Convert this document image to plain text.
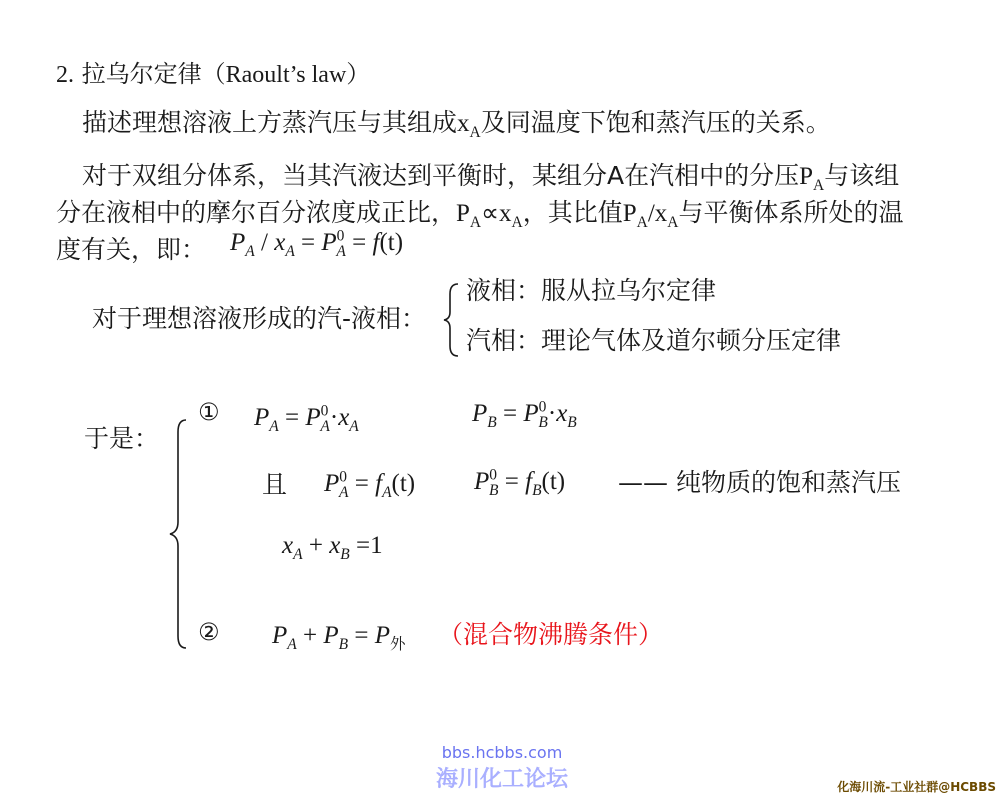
2. 拉乌尔定律（Raoult’s law）
描述理想溶液上方蒸汽压与其组成$x_A$及同温度下饱和蒸汽压的关系。
对于双组分体系，当其汽液达到平衡时，某组分A在汽相中的分压$P_A$与该组
分在液相中的摩尔百分浓度成正比，$P_A\propto x_A$，其比值$P_A/x_A$与平衡体系所处的温
度有关，即： $P_A / x_A = P^0_A = f(t)$
对于理想溶液形成的汽-液相：
液相：服从拉乌尔定律
汽相：理论气体及道尔顿分压定律
于是：
① $P_A = P^0_A\cdot x_A$	$P_B = P^0_B\cdot x_B$
且 $P^0_A = f_A(t) P^0_B = f_B(t)$ —— 纯物质的饱和蒸汽压
$x_A + x_B =1$
② $P_A + P_B = P_外$ （混合物沸腾条件）
bbs.hcbbs.com
海川化工论坛	化海川流-工业社群@HCBBS
